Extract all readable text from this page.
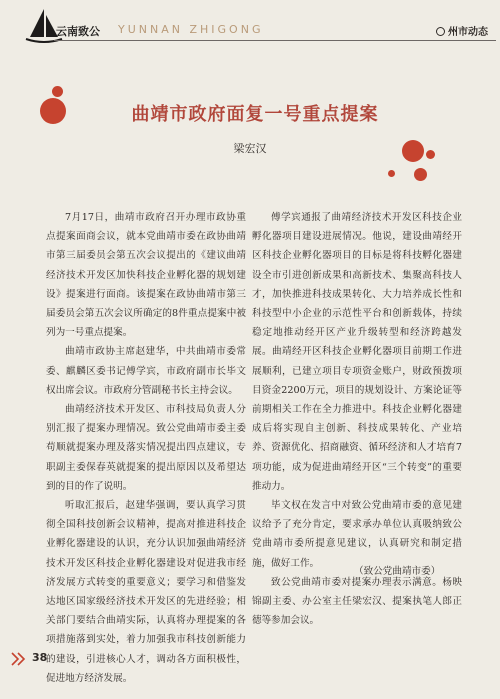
云南致公 YUNNAN ZHIGONG	州市动态
曲靖市政府面复一号重点提案
梁宏汉

7月17日，曲靖市政府召开办理市政协重点提案面商会议，就本党曲靖市委在政协曲靖市第三届委员会第五次会议提出的《建议曲靖经济技术开发区加快科技企业孵化器的规划建设》提案进行面商。该提案在政协曲靖市第三届委员会第五次会议所确定的8件重点提案中被列为一号重点提案。

曲靖市政协主席赵建华，中共曲靖市委常委、麒麟区委书记傅学宾，市政府副市长毕文权出席会议。市政府分管副秘书长主持会议。

曲靖经济技术开发区、市科技局负责人分别汇报了提案办理情况。致公党曲靖市委主委苟顺就提案办理及落实情况提出四点建议，专职副主委保春英就提案的提出原因以及希望达到的目的作了说明。

听取汇报后，赵建华强调，要认真学习贯彻全国科技创新会议精神，提高对推进科技企业孵化器建设的认识，充分认识加强曲靖经济技术开发区科技企业孵化器建设对促进我市经济发展方式转变的重要意义；要学习和借鉴发达地区国家级经济技术开发区的先进经验；相关部门要结合曲靖实际，认真将办理提案的各项措施落到实处，着力加强我市科技创新能力的建设，引进核心人才，调动各方面积极性，促进地方经济发展。

傅学宾通报了曲靖经济技术开发区科技企业孵化器项目建设进展情况。他说，建设曲靖经开区科技企业孵化器项目的目标是将科技孵化器建设全市引进创新成果和高新技术、集聚高科技人才，加快推进科技成果转化、大力培养成长性和科技型中小企业的示范性平台和创新载体，持续稳定地推动经开区产业升级转型和经济跨越发展。曲靖经开区科技企业孵化器项目前期工作进展顺利，已建立项目专项资金账户，财政预拨项目资金2200万元，项目的规划设计、方案论证等前期相关工作在全力推进中。科技企业孵化器建成后将实现自主创新、科技成果转化、产业培养、资源优化、招商融资、循环经济和人才培育7项功能，成为促进曲靖经开区“三个转变”的重要推动力。

毕文权在发言中对致公党曲靖市委的意见建议给予了充分肯定，要求承办单位认真吸纳致公党曲靖市委所提意见建议，认真研究和制定措施，做好工作。

致公党曲靖市委对提案办理表示满意。杨映锦副主委、办公室主任梁宏汉、提案执笔人郎正德等参加会议。

（致公党曲靖市委）
38
